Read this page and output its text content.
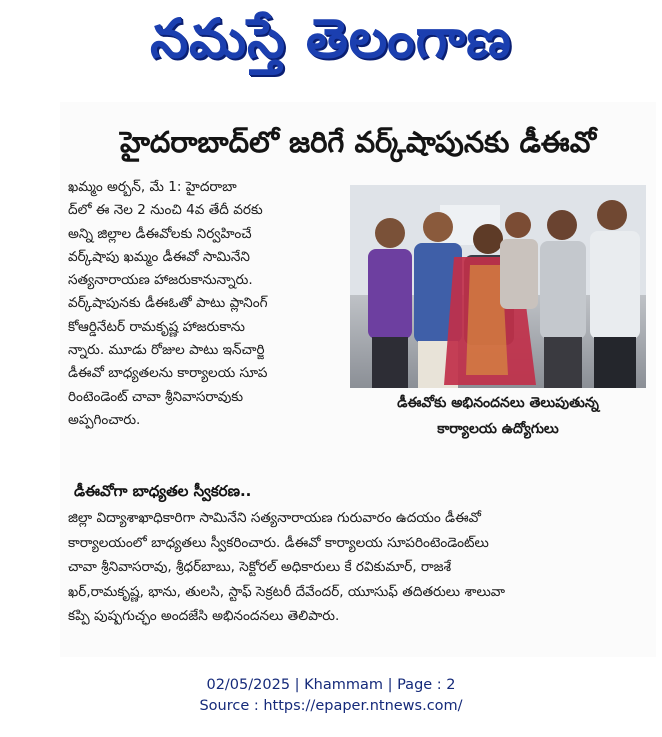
నమస్తే తెలంగాణ
హైదరాబాద్‌లో జరిగే వర్క్‌షాపునకు డీఈవో
ఖమ్మం అర్బన్, మే 1: హైదరాబా
ద్‌లో ఈ నెల 2 నుంచి 4వ తేదీ వరకు
అన్ని జిల్లాల డీఈవోలకు నిర్వహించే
వర్క్‌షాపు ఖమ్మం డీఈవో సామినేని
సత్యనారాయణ హాజరుకానున్నారు.
వర్క్‌షాపునకు డీఈఓతో పాటు ప్లానింగ్
కోఆర్డినేటర్ రామకృష్ణ హాజరుకాను
న్నారు. మూడు రోజుల పాటు ఇన్‌చార్జి
డీఈవో బాధ్యతలను కార్యాలయ సూప
రింటెండెంట్ చావా శ్రీనివాసరావుకు
అప్పగించారు.
డీఈవోకు అభినందనలు తెలుపుతున్న
కార్యాలయ ఉద్యోగులు
డీఈవోగా బాధ్యతల స్వీకరణ..
జిల్లా విద్యాశాఖాధికారిగా సామినేని సత్యనారాయణ గురువారం ఉదయం డీఈవో
కార్యాలయంలో బాధ్యతలు స్వీకరించారు. డీఈవో కార్యాలయ సూపరింటెండెంట్‌లు
చావా శ్రీనివాసరావు, శ్రీధర్‌బాబు, సెక్టోరల్ అధికారులు కే రవికుమార్, రాజశే
ఖర్,రామకృష్ణ, భాను, తులసి, స్టాఫ్ సెక్రటరీ దేవేందర్, యూసుఫ్ తదితరులు శాలువా
కప్పి పుష్పగుచ్ఛం అందజేసి అభినందనలు తెలిపారు.
02/05/2025 | Khammam | Page : 2
Source : https://epaper.ntnews.com/
